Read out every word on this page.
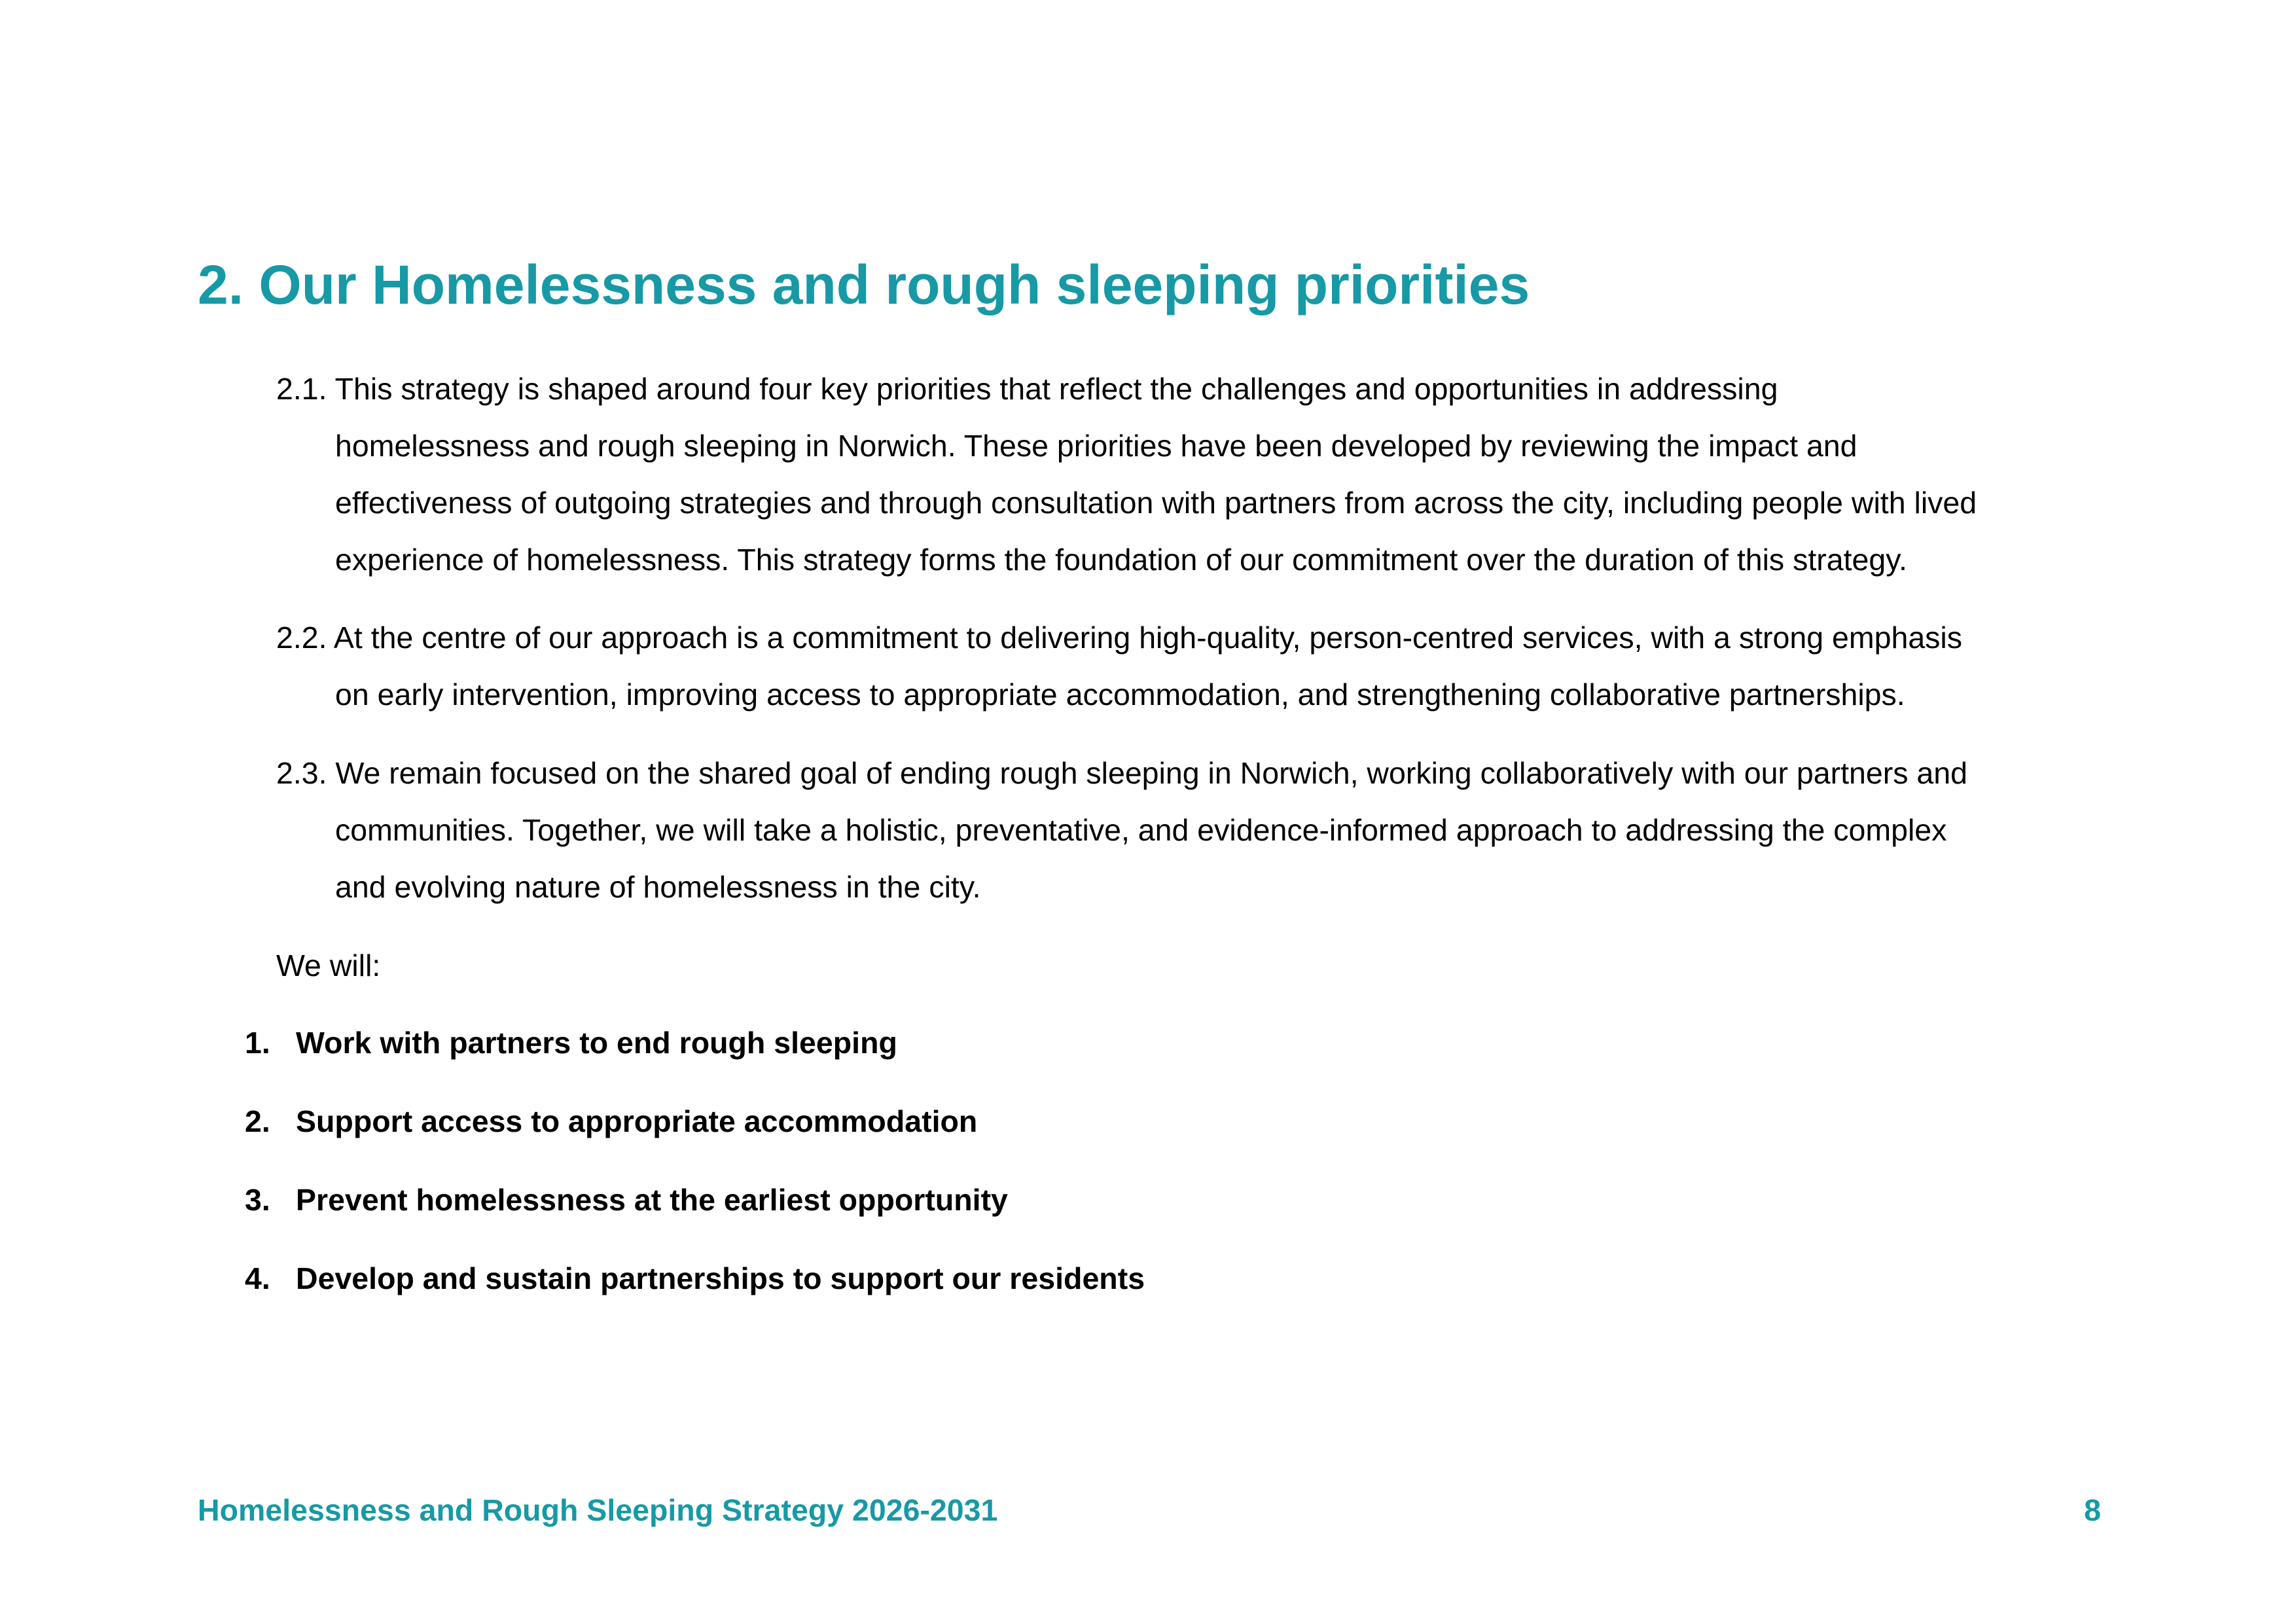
2. Our Homelessness and rough sleeping priorities
2.1. This strategy is shaped around four key priorities that reflect the challenges and opportunities in addressing
homelessness and rough sleeping in Norwich. These priorities have been developed by reviewing the impact and
effectiveness of outgoing strategies and through consultation with partners from across the city, including people with lived
experience of homelessness. This strategy forms the foundation of our commitment over the duration of this strategy.
2.2. At the centre of our approach is a commitment to delivering high-quality, person-centred services, with a strong emphasis
on early intervention, improving access to appropriate accommodation, and strengthening collaborative partnerships.
2.3. We remain focused on the shared goal of ending rough sleeping in Norwich, working collaboratively with our partners and
communities. Together, we will take a holistic, preventative, and evidence-informed approach to addressing the complex
and evolving nature of homelessness in the city.

We will:

1. Work with partners to end rough sleeping
2. Support access to appropriate accommodation
3. Prevent homelessness at the earliest opportunity
4. Develop and sustain partnerships to support our residents
Homelessness and Rough Sleeping Strategy 2026-2031	8
